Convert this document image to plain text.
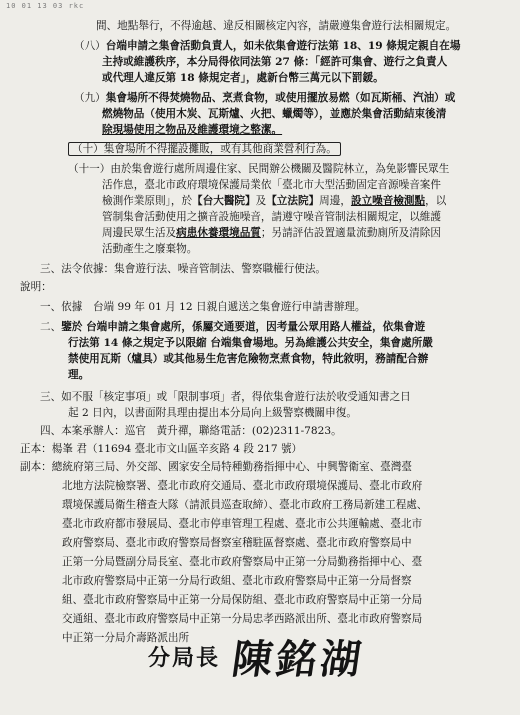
10 01 13 03 rkc
間、地點舉行，不得逾越、違反相關核定內容，請嚴遵集會遊行法相關規定。
（八）台端申請之集會活動負責人，如未依集會遊行法第 18、19 條規定親自在場
主持或維護秩序，本分局得依同法第 27 條：「經許可集會、遊行之負責人
或代理人違反第 18 條規定者」，處新台幣三萬元以下罰鍰。
（九）集會場所不得焚燒物品、烹煮食物，或使用擺放易燃（如瓦斯桶、汽油）或
燃燒物品（使用木炭、瓦斯爐、火把、蠟燭等），並應於集會活動結束後清
除現場使用之物品及維護環境之整潔。
（十）集會場所不得擺設攤販，或有其他商業營利行為。
（十一）由於集會遊行處所周邊住家、民間辦公機關及醫院林立，為免影響民眾生
活作息，臺北市政府環境保護局業依「臺北市大型活動固定音源噪音案件
檢測作業原則」，於【台大醫院】及【立法院】周邊，設立噪音檢測點，以
管制集會活動使用之擴音設施噪音，請遵守噪音管制法相關規定，以維護
周邊民眾生活及病患休養環境品質；另請評估設置適量流動廁所及清除因
活動產生之廢棄物。
三、法令依據：集會遊行法、噪音管制法、警察職權行使法。
說明：
一、依據　台端 99 年 01 月 12 日親自遞送之集會遊行申請書辦理。
二、鑒於 台端申請之集會處所，係屬交通要道，因考量公眾用路人權益，依集會遊
行法第 14 條之規定予以限縮 台端集會場地。另為維護公共安全，集會處所嚴
禁使用瓦斯（爐具）或其他易生危害危險物烹煮食物，特此敘明，務請配合辦
理。
三、如不服「核定事項」或「限制事項」者，得依集會遊行法於收受通知書之日
起 2 日內，以書面附具理由提出本分局向上級警察機關申復。
四、本案承辦人：巡官　黃升禪，聯絡電話：(02)2311-7823。
正本：楊峯 君（11694 臺北市文山區辛亥路 4 段 217 號）
副本：總統府第三局、外交部、國家安全局特種勤務指揮中心、中興警衛室、臺灣臺
北地方法院檢察署、臺北市政府交通局、臺北市政府環境保護局、臺北市政府
環境保護局衛生稽查大隊（請派員巡查取締）、臺北市政府工務局新建工程處、
臺北市政府都市發展局、臺北市停車管理工程處、臺北市公共運輸處、臺北市
政府警察局、臺北市政府警察局督察室稽駐區督察處、臺北市政府警察局中
正第一分局暨副分局長室、臺北市政府警察局中正第一分局勤務指揮中心、臺
北市政府警察局中正第一分局行政組、臺北市政府警察局中正第一分局督察
組、臺北市政府警察局中正第一分局保防組、臺北市政府警察局中正第一分局
交通組、臺北市政府警察局中正第一分局忠孝西路派出所、臺北市政府警察局
中正第一分局介壽路派出所
分局長 陳銘湖
